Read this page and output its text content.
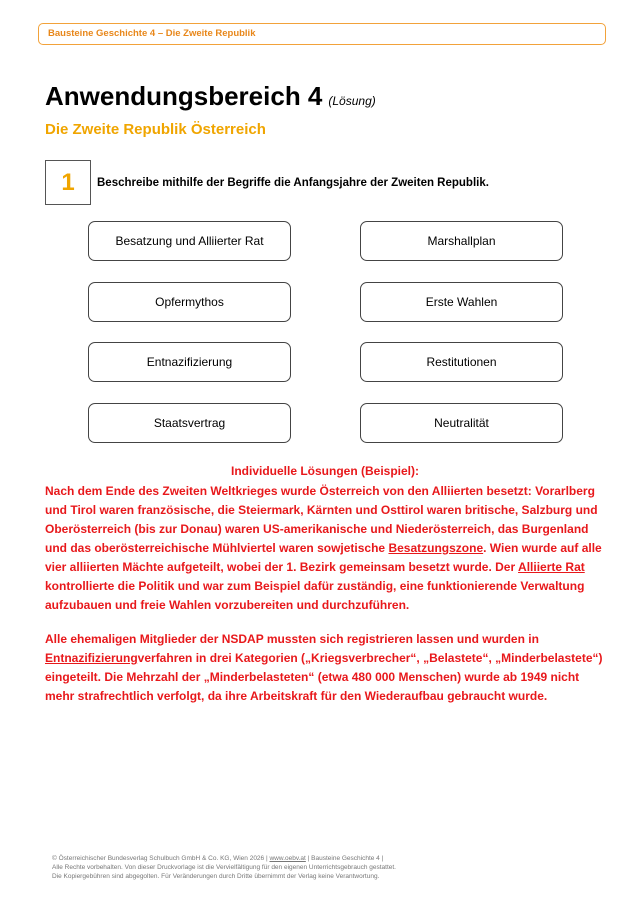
Bausteine Geschichte 4 – Die Zweite Republik
Anwendungsbereich 4 (Lösung)
Die Zweite Republik Österreich
1	Beschreibe mithilfe der Begriffe die Anfangsjahre der Zweiten Republik.
Besatzung und Alliierter Rat	Marshallplan
Opfermythos	Erste Wahlen
Entnazifizierung	Restitutionen
Staatsvertrag	Neutralität
Individuelle Lösungen (Beispiel):
Nach dem Ende des Zweiten Weltkrieges wurde Österreich von den Alliierten besetzt: Vorarlberg und Tirol waren französische, die Steiermark, Kärnten und Osttirol waren britische, Salzburg und Oberösterreich (bis zur Donau) waren US-amerikanische und Niederösterreich, das Burgenland und das oberösterreichische Mühlviertel waren sowjetische Besatzungszone. Wien wurde auf alle vier alliierten Mächte aufgeteilt, wobei der 1. Bezirk gemeinsam besetzt wurde. Der Alliierte Rat kontrollierte die Politik und war zum Beispiel dafür zuständig, eine funktionierende Verwaltung aufzubauen und freie Wahlen vorzubereiten und durchzuführen.
Alle ehemaligen Mitglieder der NSDAP mussten sich registrieren lassen und wurden in Entnazifizierungverfahren in drei Kategorien („Kriegsverbrecher“, „Belastete“, „Minderbelastete“) eingeteilt. Die Mehrzahl der „Minderbelasteten“ (etwa 480 000 Menschen) wurde ab 1949 nicht mehr strafrechtlich verfolgt, da ihre Arbeitskraft für den Wiederaufbau gebraucht wurde.
© Österreichischer Bundesverlag Schulbuch GmbH & Co. KG, Wien 2026 | www.oebv.at | Bausteine Geschichte 4 |
Alle Rechte vorbehalten. Von dieser Druckvorlage ist die Vervielfältigung für den eigenen Unterrichtsgebrauch gestattet.
Die Kopiergebühren sind abgegolten. Für Veränderungen durch Dritte übernimmt der Verlag keine Verantwortung.
